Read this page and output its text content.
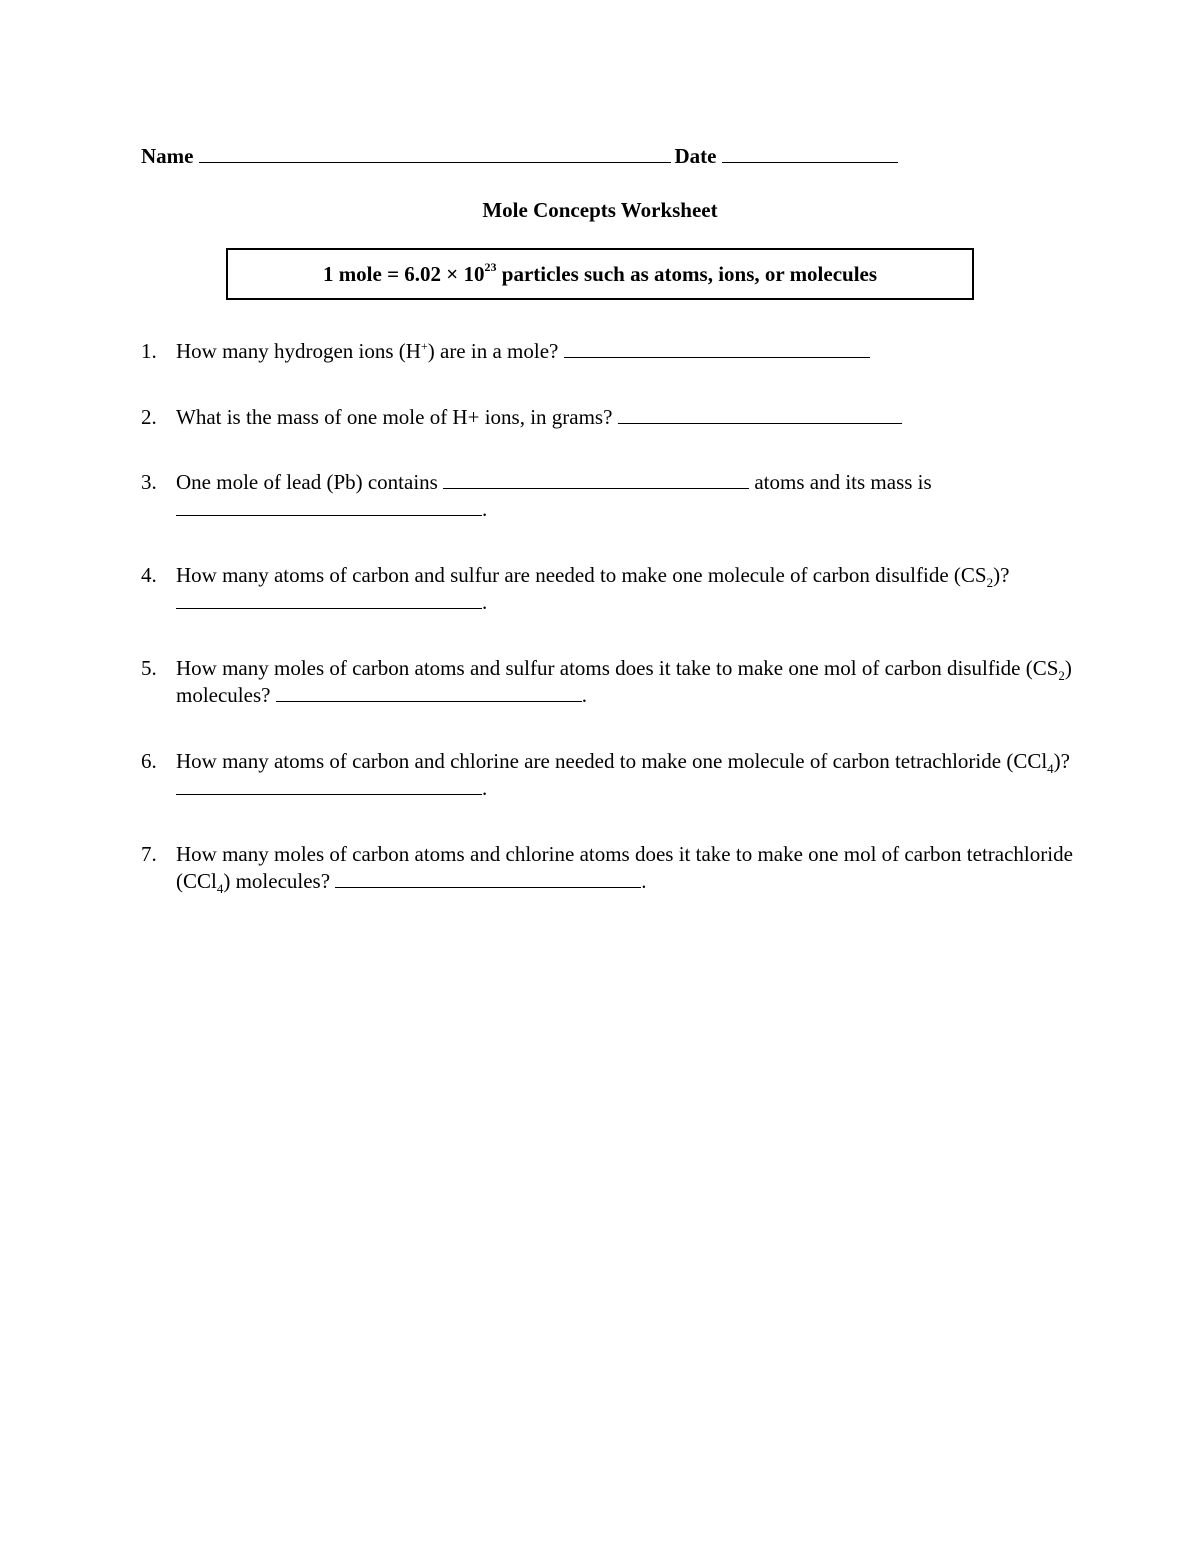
Name	Date
Mole Concepts Worksheet
1 mole = $6.02 \times 10^{23}$ particles such as atoms, ions, or molecules
1. How many hydrogen ions (H+) are in a mole?
2. What is the mass of one mole of H+ ions, in grams?
3. One mole of lead (Pb) contains	atoms and its mass is
.
4. How many atoms of carbon and sulfur are needed to make one molecule of carbon disulfide $(CS_2)$? .
5. How many moles of carbon atoms and sulfur atoms does it take to make one mol of carbon disulfide $(CS_2)$ molecules?	.
6. How many atoms of carbon and chlorine are needed to make one molecule of carbon tetrachloride (CCl$_4$)? .
7. How many moles of carbon atoms and chlorine atoms does it take to make one mol of carbon tetrachloride (CCl$_4$) molecules?	.
